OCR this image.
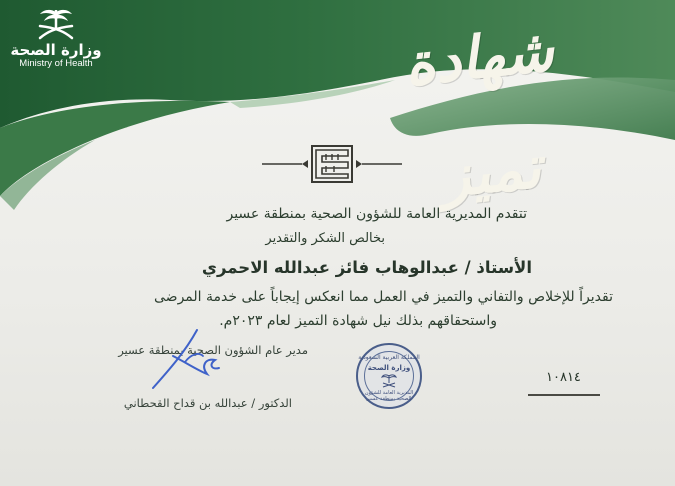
وزارة الصحة
Ministry of Health	شهادة تميز
تتقدم المديرية العامة للشؤون الصحية بمنطقة عسير
بخالص الشكر والتقدير
الأستاذ / عبدالوهاب فائز عبدالله الاحمري
تقديراً للإخلاص والتفاني والتميز في العمل مما انعكس إيجاباً على خدمة المرضى
واستحقاقهم بذلك نيل شهادة التميز لعام ٢٠٢٣م.
مدير عام الشؤون الصحية بمنطقة عسير
الدكتور / عبدالله بن قداح القحطاني
المملكة العربية السعودية
وزارة الصحة
المديرية العامة للشؤون الصحية بمنطقة عسير
١٠٨١٤
